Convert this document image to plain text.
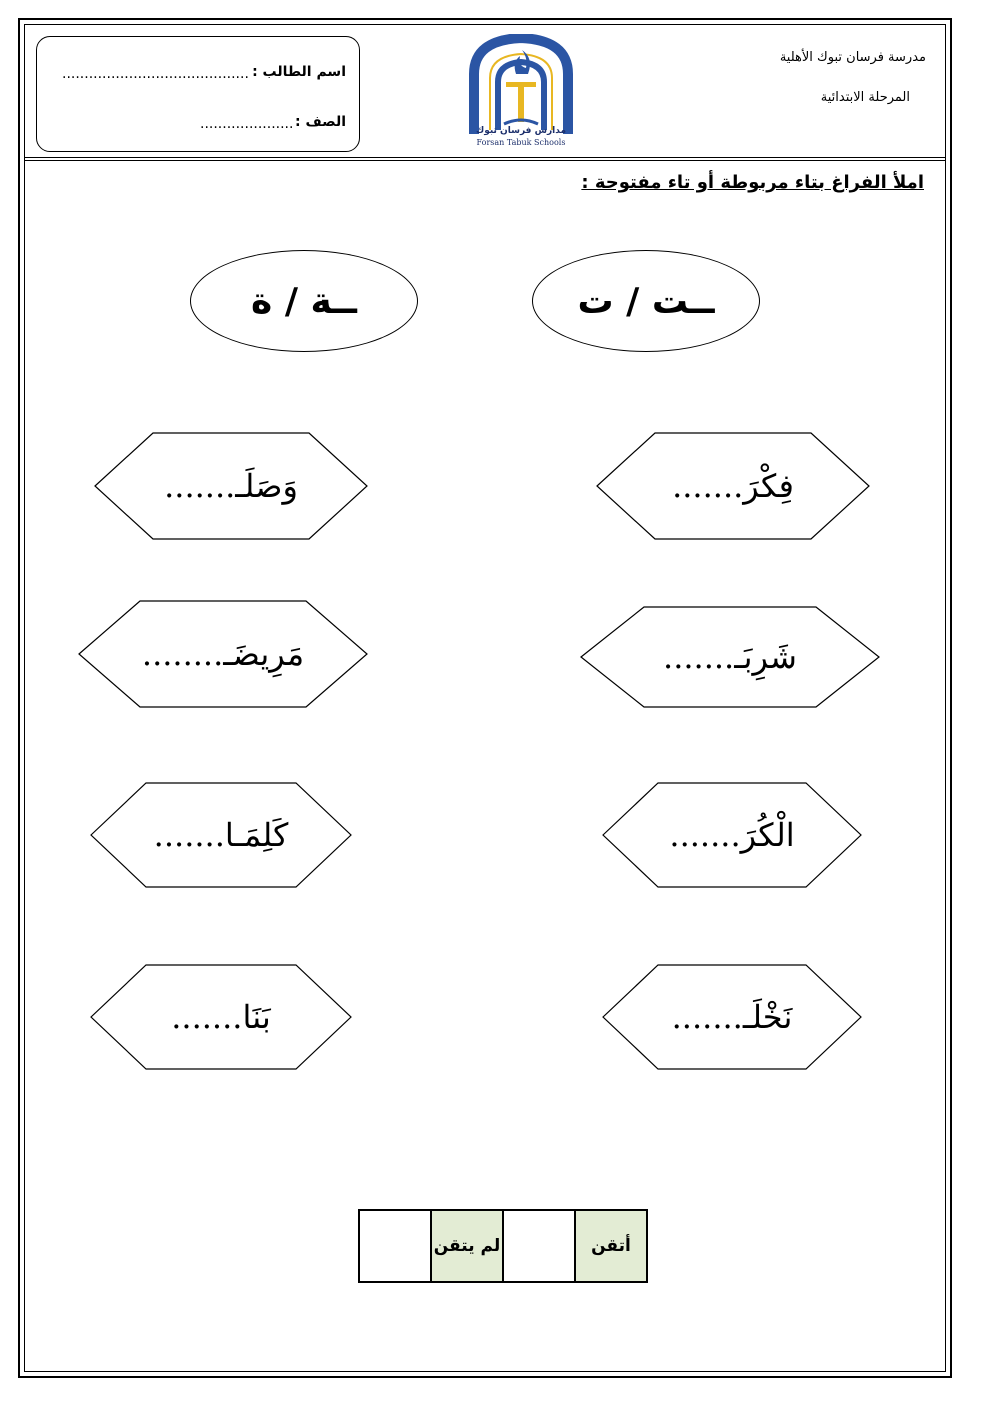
اسم الطالب :
..........................................
الصف :
.....................	مدارس فرسان تبوك
Forsan Tabuk Schools
مدرسة فرسان تبوك الأهلية
المرحلة الابتدائية
املأ الفراغ بتاء مربوطة أو تاء مفتوحة :
ــة / ة	ــت / ت
فِكْرَ.......
وَصَلَـ.......
شَرِبَـ.......
مَرِيضَـ........
الْكُرَ.......
كَلِمَـا.......
نَخْلَـ.......
بَنَا.......
	لم يتقن		أتقن
